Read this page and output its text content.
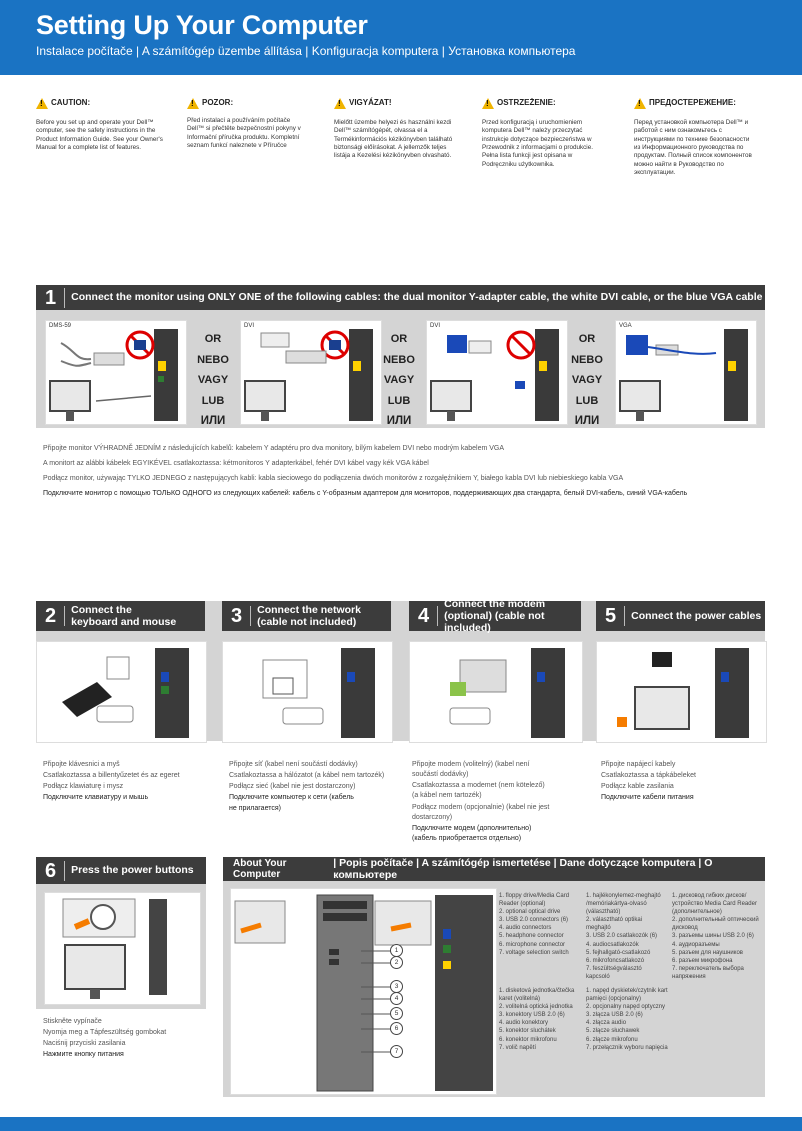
Setting Up Your Computer
Instalace počítače | A számítógép üzembe állítása | Konfiguracja komputera | Установка компьютера
!
CAUTION:
Before you set up and operate your Dell™ computer, see the safety instructions in the Product Information Guide. See your Owner's Manual for a complete list of features.
!
POZOR:
Před instalací a používáním počítače Dell™ si přečtěte bezpečnostní pokyny v Informační příručka produktu. Kompletní seznam funkcí naleznete v Příručce
!
VIGYÁZAT!
Mielőtt üzembe helyezi és használni kezdi Dell™ számítógépét, olvassa el a Termékinformációs kézikönyvben található biztonsági előírásokat. A jellemzők teljes listája a Kezelési kézikönyvben olvasható.
!
OSTRZEŻENIE:
Przed konfiguracją i uruchomieniem komputera Dell™ należy przeczytać instrukcje dotyczące bezpieczeństwa w Przewodnik z informacjami o produkcie. Pełna lista funkcji jest opisana w Podręczniku użytkownika.
!
ПРЕДОСТЕРЕЖЕНИЕ:
Перед установкой компьютера Dell™ и работой с ним ознакомьтесь с инструкциями по технике безопасности из Информационного руководства по продуктам. Полный список компонентов можно найти в Руководство по эксплуатации.
1	Connect the monitor using ONLY ONE of the following cables: the dual monitor Y-adapter cable, the white DVI cable, or the blue VGA cable
DMS-59
OR
NEBO
VAGY
LUB
ИЛИ
DVI
OR
NEBO
VAGY
LUB
ИЛИ
DVI
OR
NEBO
VAGY
LUB
ИЛИ
VGA
Připojte monitor VÝHRADNĚ JEDNÍM z následujících kabelů: kabelem Y adaptéru pro dva monitory, bílým kabelem DVI nebo modrým kabelem VGA
A monitort az alábbi kábelek EGYIKÉVEL csatlakoztassa: kétmonitoros Y adapterkábel, fehér DVI kábel vagy kék VGA kábel
Podłącz monitor, używając TYLKO JEDNEGO z następujących kabli: kabla sieciowego do podłączenia dwóch monitorów z rozgałęźnikiem Y, białego kabla DVI lub niebieskiego kabla VGA
Подключите монитор с помощью ТОЛЬКО ОДНОГО из следующих кабелей: кабель с Y-образным адаптером для мониторов, поддерживающих два стандарта, белый DVI-кабель, синий VGA-кабель
2	Connect the keyboard and mouse	3	Connect the network (cable not included)	4
Connect the modem (optional) (cable not included)
5	Connect the power cables
Připojte klávesnici a myš
Csatlakoztassa a billentyűzetet és az egeret
Podłącz klawiaturę i mysz
Подключите клавиатуру и мышь
Připojte síť (kabel není součástí dodávky)
Csatlakoztassa a hálózatot (a kábel nem tartozék)
Podłącz sieć (kabel nie jest dostarczony)
Подключите компьютер к сети (кабель не прилагается)
Připojte modem (volitelný) (kabel není součástí dodávky)
Csatlakoztassa a modemet (nem kötelező) (a kábel nem tartozék)
Podłącz modem (opcjonalnie) (kabel nie jest dostarczony)
Подключите модем (дополнительно) (кабель приобретается отдельно)
Připojte napájecí kabely
Csatlakoztassa a tápkábeleket
Podłącz kable zasilania
Подключите кабели питания
6	Press the power buttons
Stiskněte vypínače
Nyomja meg a Tápfeszültség gombokat
Naciśnij przyciski zasilania
Нажмите кнопку питания
About Your Computer
| Popis počítače | A számítógép ismertetése | Dane dotyczące komputera | О компьютере
1
2
3
4
5
6
7
1. floppy drive/Media Card Reader (optional)
2. optional optical drive
3. USB 2.0 connectors (6)
4. audio connectors
5. headphone connector
6. microphone connector
7. voltage selection switch
1. hajlékonylemez-meghajtó /memóriakártya-olvasó (választható)
2. választható optikai meghajtó
3. USB 2.0 csatlakozók (6)
4. audiocsatlakozók
5. fejhallgató-csatlakozó
6. mikrofoncsatlakozó
7. feszültségválasztó kapcsoló
1. дисковод гибких дисков/устройство Media Card Reader (дополнительное)
2. дополнительный оптический дисковод
3. разъемы шины USB 2.0 (6)
4. аудиоразъемы
5. разъем для наушников
6. разъем микрофона
7. переключатель выбора напряжения
1. disketová jednotka/čtečka karet (volitelná)
2. volitelná optická jednotka
3. konektory USB 2.0 (6)
4. audio konektory
5. konektor sluchátek
6. konektor mikrofonu
7. volič napětí
1. napęd dyskietek/czytnik kart pamięci (opcjonalny)
2. opcjonalny napęd optyczny
3. złącza USB 2.0 (6)
4. złącza audio
5. złącze słuchawek
6. złącze mikrofonu
7. przełącznik wyboru napięcia
